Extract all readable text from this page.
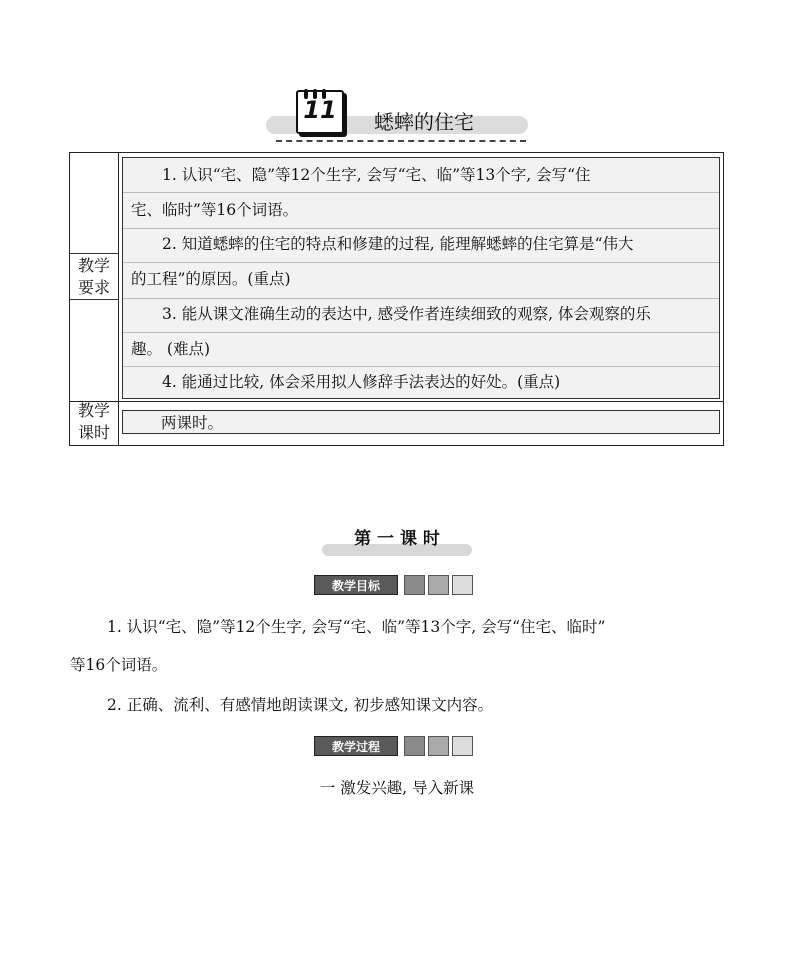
11 蟋蟀的住宅
教学
要求
教学
课时
1. 认识“宅、隐”等12个生字, 会写“宅、临”等13个字, 会写“住
宅、临时”等16个词语。
2. 知道蟋蟀的住宅的特点和修建的过程, 能理解蟋蟀的住宅算是“伟大
的工程”的原因。(重点)
3. 能从课文准确生动的表达中, 感受作者连续细致的观察, 体会观察的乐
趣。 (难点)
4. 能通过比较, 体会采用拟人修辞手法表达的好处。(重点)
两课时。
第 一 课 时
教学目标
1. 认识“宅、隐”等12个生字, 会写“宅、临”等13个字, 会写“住宅、临时”
等16个词语。
2. 正确、流利、有感情地朗读课文, 初步感知课文内容。
教学过程
一 激发兴趣, 导入新课
